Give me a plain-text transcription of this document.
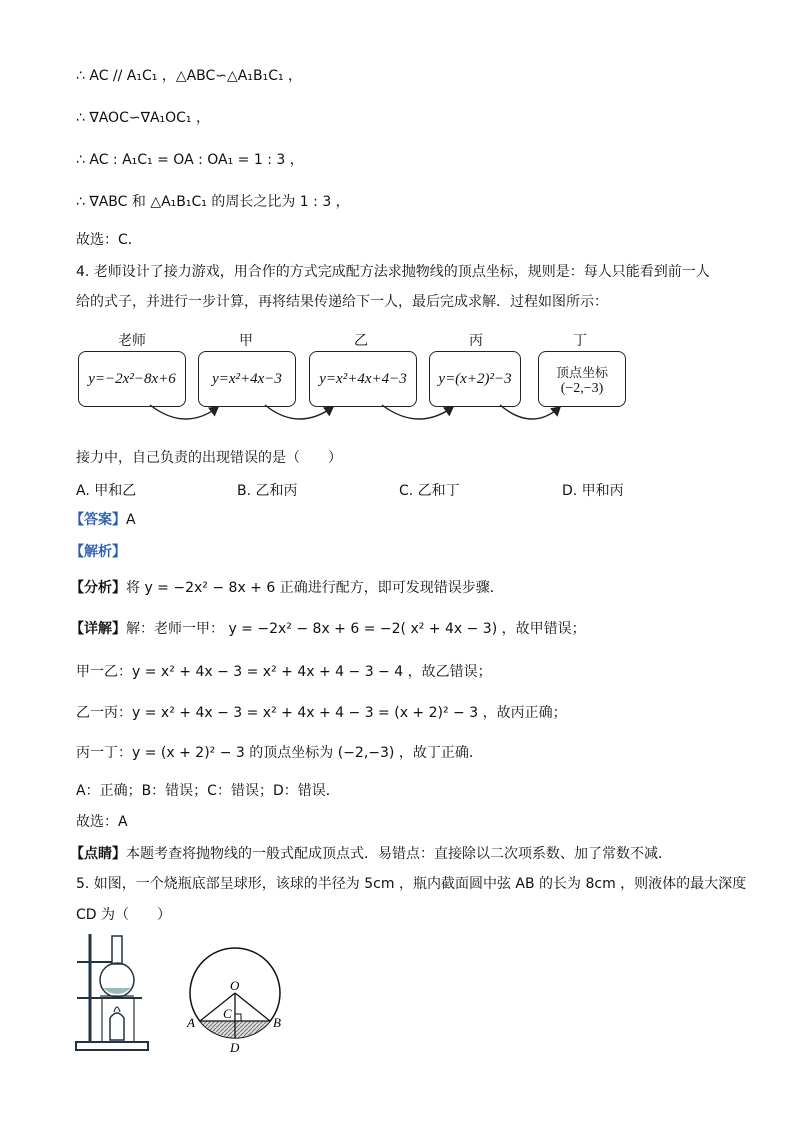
∴ AC // A₁C₁ ，△ABC∽△A₁B₁C₁ ，
∴ ∇AOC∽∇A₁OC₁ ，
∴ AC : A₁C₁ = OA : OA₁ = 1 : 3 ，
∴ ∇ABC 和 △A₁B₁C₁ 的周长之比为 1 : 3 ，
故选：C．
4. 老师设计了接力游戏，用合作的方式完成配方法求抛物线的顶点坐标，规则是：每人只能看到前一人
给的式子，并进行一步计算，再将结果传递给下一人，最后完成求解．过程如图所示：
老师	甲	乙	丙	丁
y=−2x²−8x+6 y=x²+4x−3 y=x²+4x+4−3 y=(x+2)²−3	顶点坐标
(−2,−3)
接力中，自己负责的出现错误的是（　　）
A. 甲和乙	B. 乙和丙	C. 乙和丁	D. 甲和丙
【答案】A
【解析】
【分析】将 y = −2x² − 8x + 6 正确进行配方，即可发现错误步骤．
【详解】解：老师一甲： y = −2x² − 8x + 6 = −2( x² + 4x − 3) ，故甲错误；
甲一乙：y = x² + 4x − 3 = x² + 4x + 4 − 3 − 4 ，故乙错误；
乙一丙：y = x² + 4x − 3 = x² + 4x + 4 − 3 = (x + 2)² − 3 ，故丙正确；
丙一丁：y = (x + 2)² − 3 的顶点坐标为 (−2,−3) ，故丁正确．
A：正确；B：错误；C：错误；D：错误．
故选：A
【点睛】本题考查将抛物线的一般式配成顶点式．易错点：直接除以二次项系数、加了常数不减．
5. 如图，一个烧瓶底部呈球形，该球的半径为 5cm ，瓶内截面圆中弦 AB 的长为 8cm ，则液体的最大深度
CD 为（　　）
O
A	B
C
D
